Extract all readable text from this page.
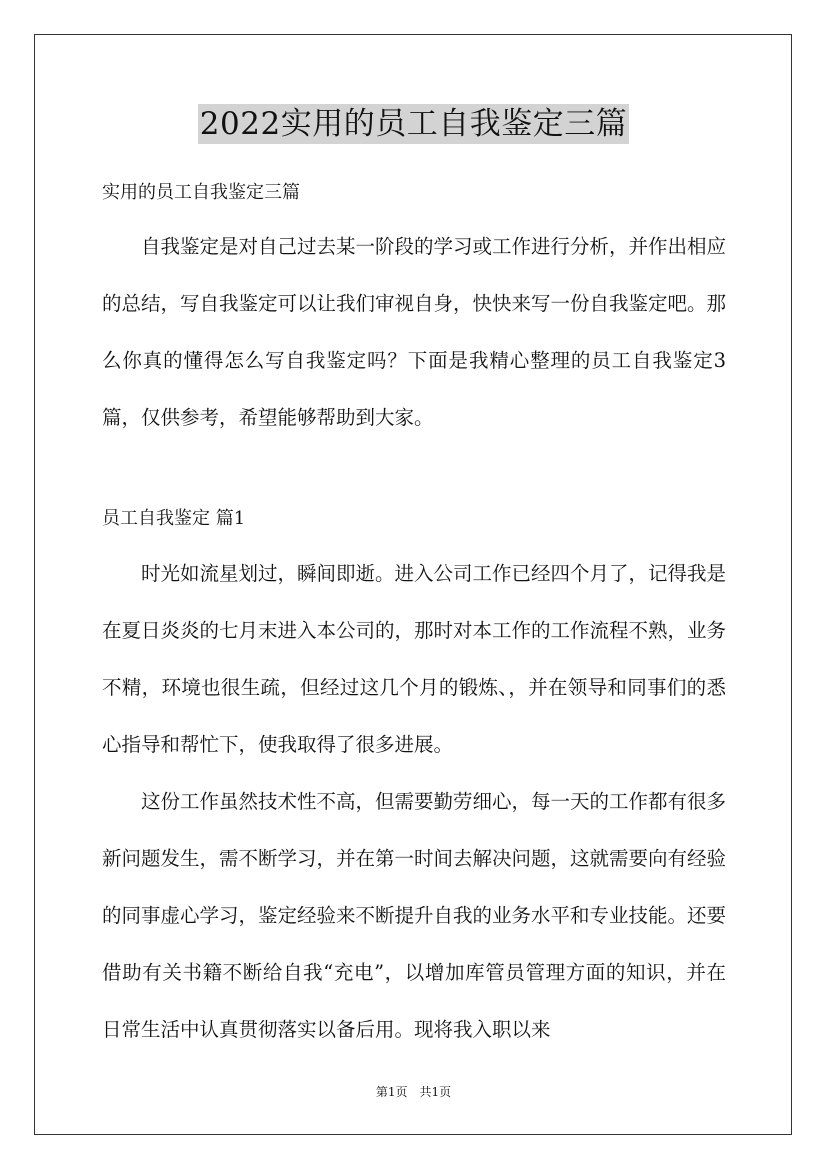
2022实用的员工自我鉴定三篇
实用的员工自我鉴定三篇

自我鉴定是对自己过去某一阶段的学习或工作进行分析，并作出相应的总结，写自我鉴定可以让我们审视自身，快快来写一份自我鉴定吧。那么你真的懂得怎么写自我鉴定吗？下面是我精心整理的员工自我鉴定3篇，仅供参考，希望能够帮助到大家。

员工自我鉴定 篇1

时光如流星划过，瞬间即逝。进入公司工作已经四个月了，记得我是在夏日炎炎的七月末进入本公司的，那时对本工作的工作流程不熟，业务不精，环境也很生疏，但经过这几个月的锻炼、，并在领导和同事们的悉心指导和帮忙下，使我取得了很多进展。

这份工作虽然技术性不高，但需要勤劳细心，每一天的工作都有很多新问题发生，需不断学习，并在第一时间去解决问题，这就需要向有经验的同事虚心学习，鉴定经验来不断提升自我的业务水平和专业技能。还要借助有关书籍不断给自我“充电”，以增加库管员管理方面的知识，并在日常生活中认真贯彻落实以备后用。现将我入职以来

第1页　共1页
